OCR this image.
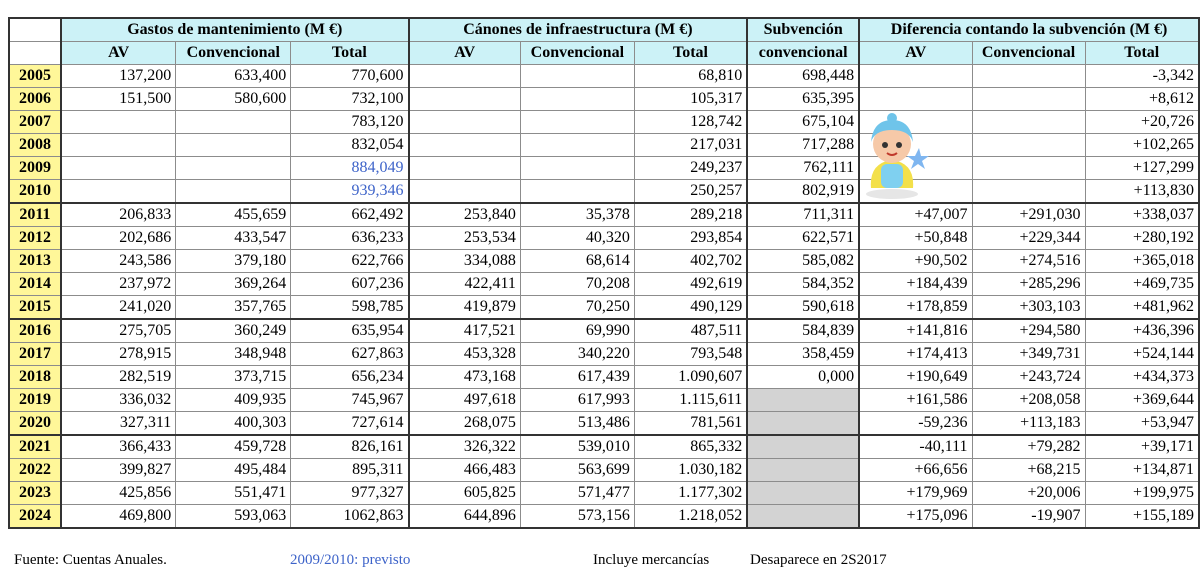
	Gastos de mantenimiento (M €)			Cánones de infraestructura (M €)			Subvención	Diferencia contando la subvención (M €)		
	AV	Convencional	Total	AV	Convencional	Total	convencional	AV	Convencional	Total
2005	137,200	633,400	770,600			68,810	698,448			-3,342
2006	151,500	580,600	732,100			105,317	635,395			+8,612
2007			783,120			128,742	675,104			+20,726
2008			832,054			217,031	717,288			+102,265
2009			884,049			249,237	762,111			+127,299
2010			939,346			250,257	802,919			+113,830
2011	206,833	455,659	662,492	253,840	35,378	289,218	711,311	+47,007	+291,030	+338,037
2012	202,686	433,547	636,233	253,534	40,320	293,854	622,571	+50,848	+229,344	+280,192
2013	243,586	379,180	622,766	334,088	68,614	402,702	585,082	+90,502	+274,516	+365,018
2014	237,972	369,264	607,236	422,411	70,208	492,619	584,352	+184,439	+285,296	+469,735
2015	241,020	357,765	598,785	419,879	70,250	490,129	590,618	+178,859	+303,103	+481,962
2016	275,705	360,249	635,954	417,521	69,990	487,511	584,839	+141,816	+294,580	+436,396
2017	278,915	348,948	627,863	453,328	340,220	793,548	358,459	+174,413	+349,731	+524,144
2018	282,519	373,715	656,234	473,168	617,439	1.090,607	0,000	+190,649	+243,724	+434,373
2019	336,032	409,935	745,967	497,618	617,993	1.115,611		+161,586	+208,058	+369,644
2020	327,311	400,303	727,614	268,075	513,486	781,561		-59,236	+113,183	+53,947
2021	366,433	459,728	826,161	326,322	539,010	865,332		-40,111	+79,282	+39,171
2022	399,827	495,484	895,311	466,483	563,699	1.030,182		+66,656	+68,215	+134,871
2023	425,856	551,471	977,327	605,825	571,477	1.177,302		+179,969	+20,006	+199,975
2024	469,800	593,063	1062,863	644,896	573,156	1.218,052		+175,096	-19,907	+155,189
Fuente: Cuentas Anuales.	2009/2010: previsto	Incluye mercancías	Desaparece en 2S2017
